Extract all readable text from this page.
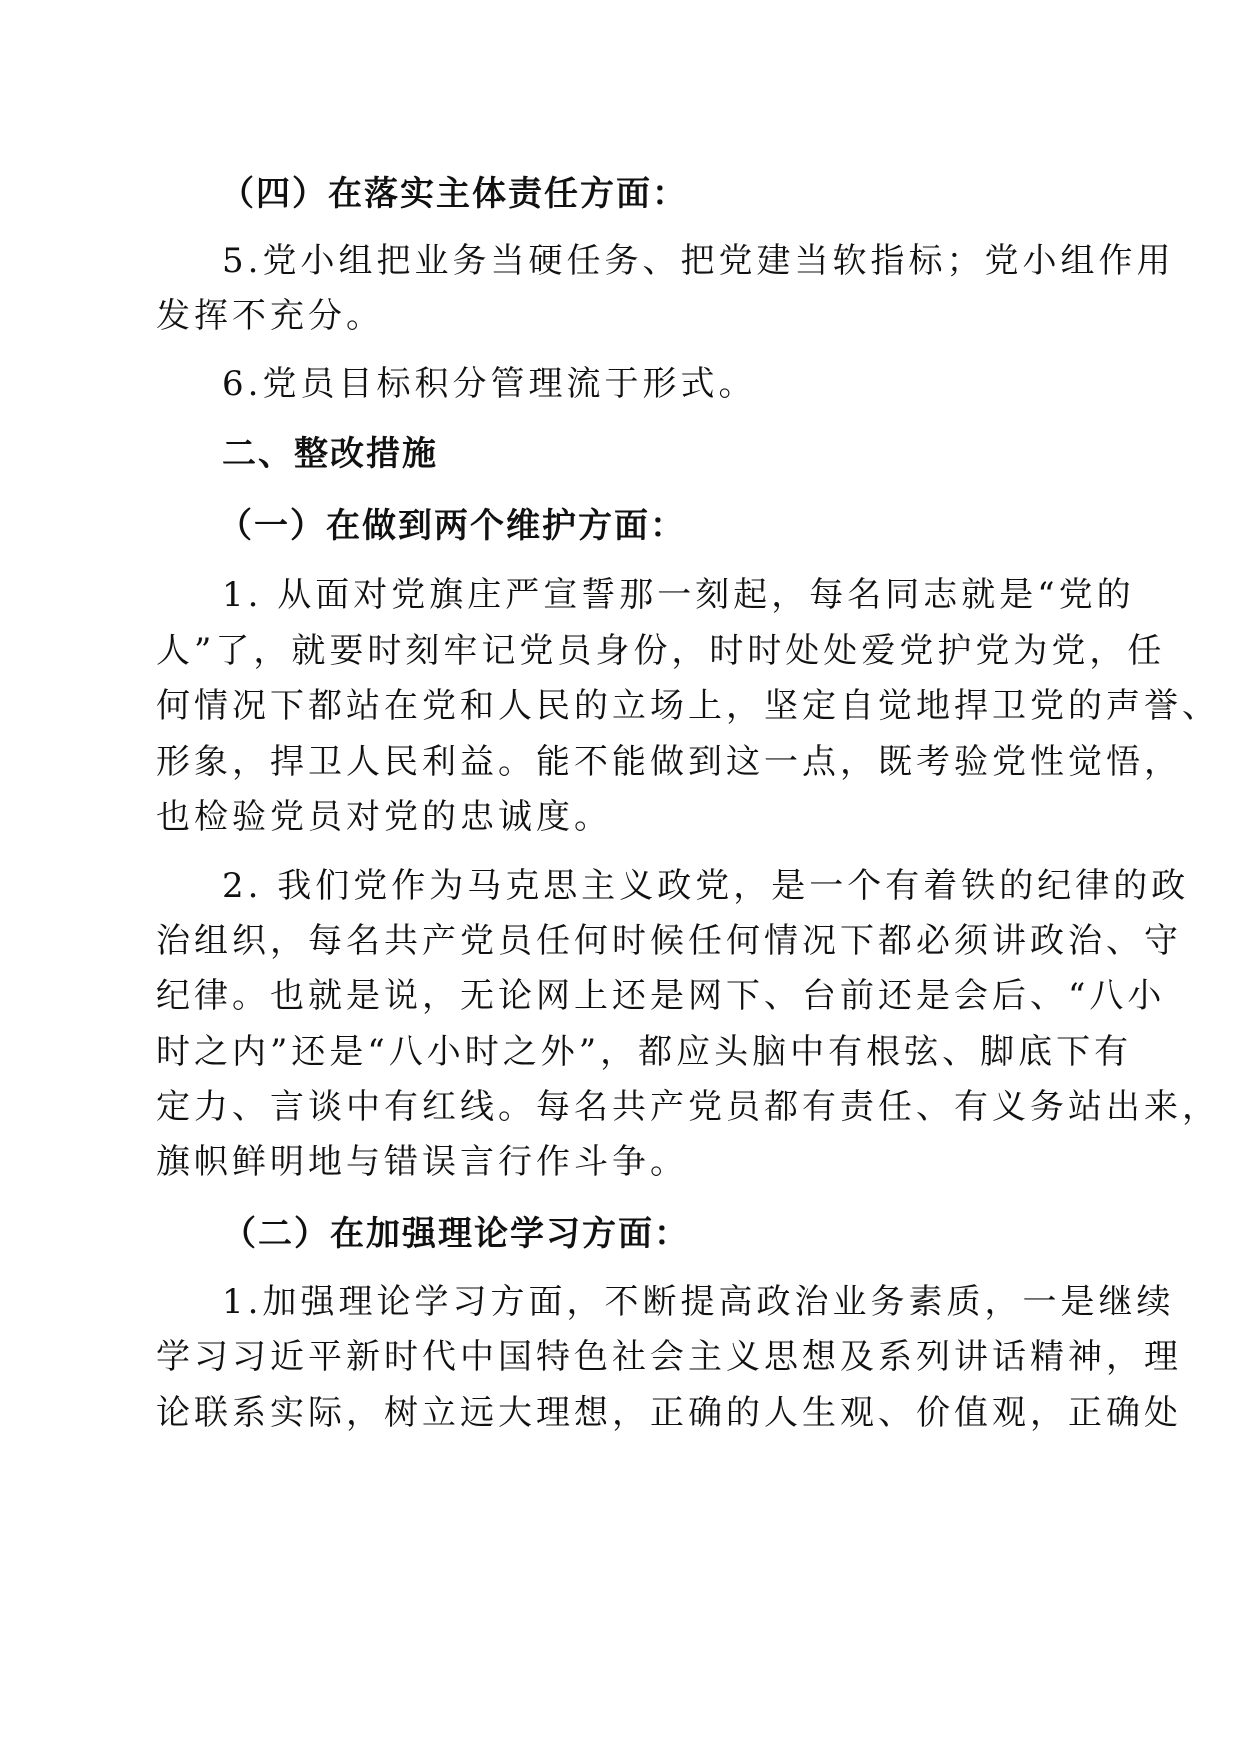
（四）在落实主体责任方面：
5.党小组把业务当硬任务、把党建当软指标；党小组作用
发挥不充分。
6.党员目标积分管理流于形式。
二、整改措施
（一）在做到两个维护方面：
1. 从面对党旗庄严宣誓那一刻起，每名同志就是“党的
人”了，就要时刻牢记党员身份，时时处处爱党护党为党，任
何情况下都站在党和人民的立场上，坚定自觉地捍卫党的声誉、
形象，捍卫人民利益。能不能做到这一点，既考验党性觉悟，
也检验党员对党的忠诚度。
2. 我们党作为马克思主义政党，是一个有着铁的纪律的政
治组织，每名共产党员任何时候任何情况下都必须讲政治、守
纪律。也就是说，无论网上还是网下、台前还是会后、“八小
时之内”还是“八小时之外”，都应头脑中有根弦、脚底下有
定力、言谈中有红线。每名共产党员都有责任、有义务站出来，
旗帜鲜明地与错误言行作斗争。
（二）在加强理论学习方面：
1.加强理论学习方面，不断提高政治业务素质，一是继续
学习习近平新时代中国特色社会主义思想及系列讲话精神，理
论联系实际，树立远大理想，正确的人生观、价值观，正确处
